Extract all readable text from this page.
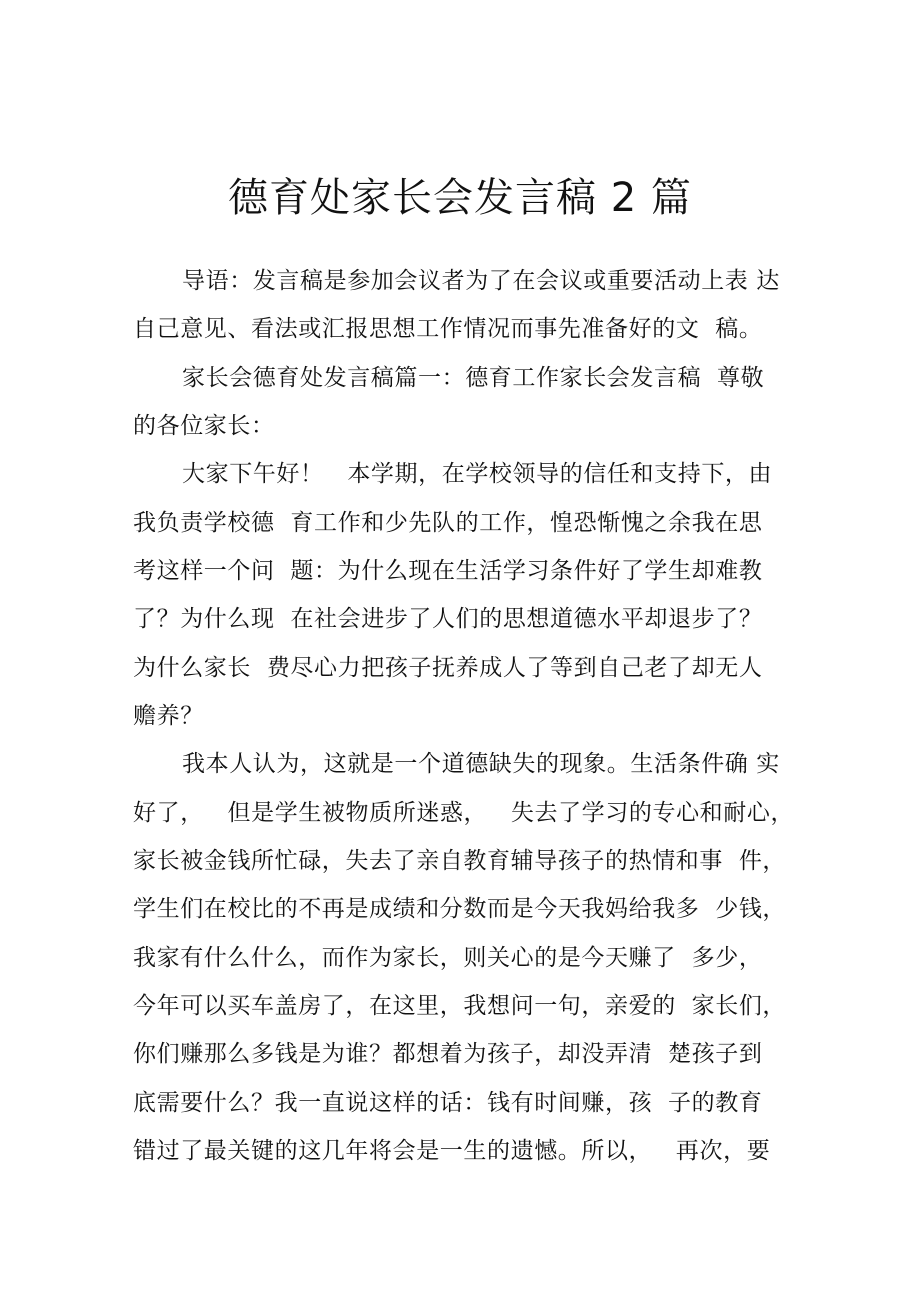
德育处家长会发言稿 2 篇
导语：发言稿是参加会议者为了在会议或重要活动上表 达
自己意见、看法或汇报思想工作情况而事先准备好的文  稿。
家长会德育处发言稿篇一：德育工作家长会发言稿  尊敬
的各位家长：
大家下午好！   本学期，在学校领导的信任和支持下，由
我负责学校德  育工作和少先队的工作，惶恐惭愧之余我在思
考这样一个问  题：为什么现在生活学习条件好了学生却难教
了？为什么现  在社会进步了人们的思想道德水平却退步了？
为什么家长  费尽心力把孩子抚养成人了等到自己老了却无人
赡养？
我本人认为，这就是一个道德缺失的现象。生活条件确 实
好了，   但是学生被物质所迷惑，   失去了学习的专心和耐心，
家长被金钱所忙碌，失去了亲自教育辅导孩子的热情和事  件，
学生们在校比的不再是成绩和分数而是今天我妈给我多  少钱，
我家有什么什么，而作为家长，则关心的是今天赚了  多少，
今年可以买车盖房了，在这里，我想问一句，亲爱的  家长们，
你们赚那么多钱是为谁？都想着为孩子，却没弄清  楚孩子到
底需要什么？我一直说这样的话：钱有时间赚，孩  子的教育
错过了最关键的这几年将会是一生的遗憾。所以，   再次，要
